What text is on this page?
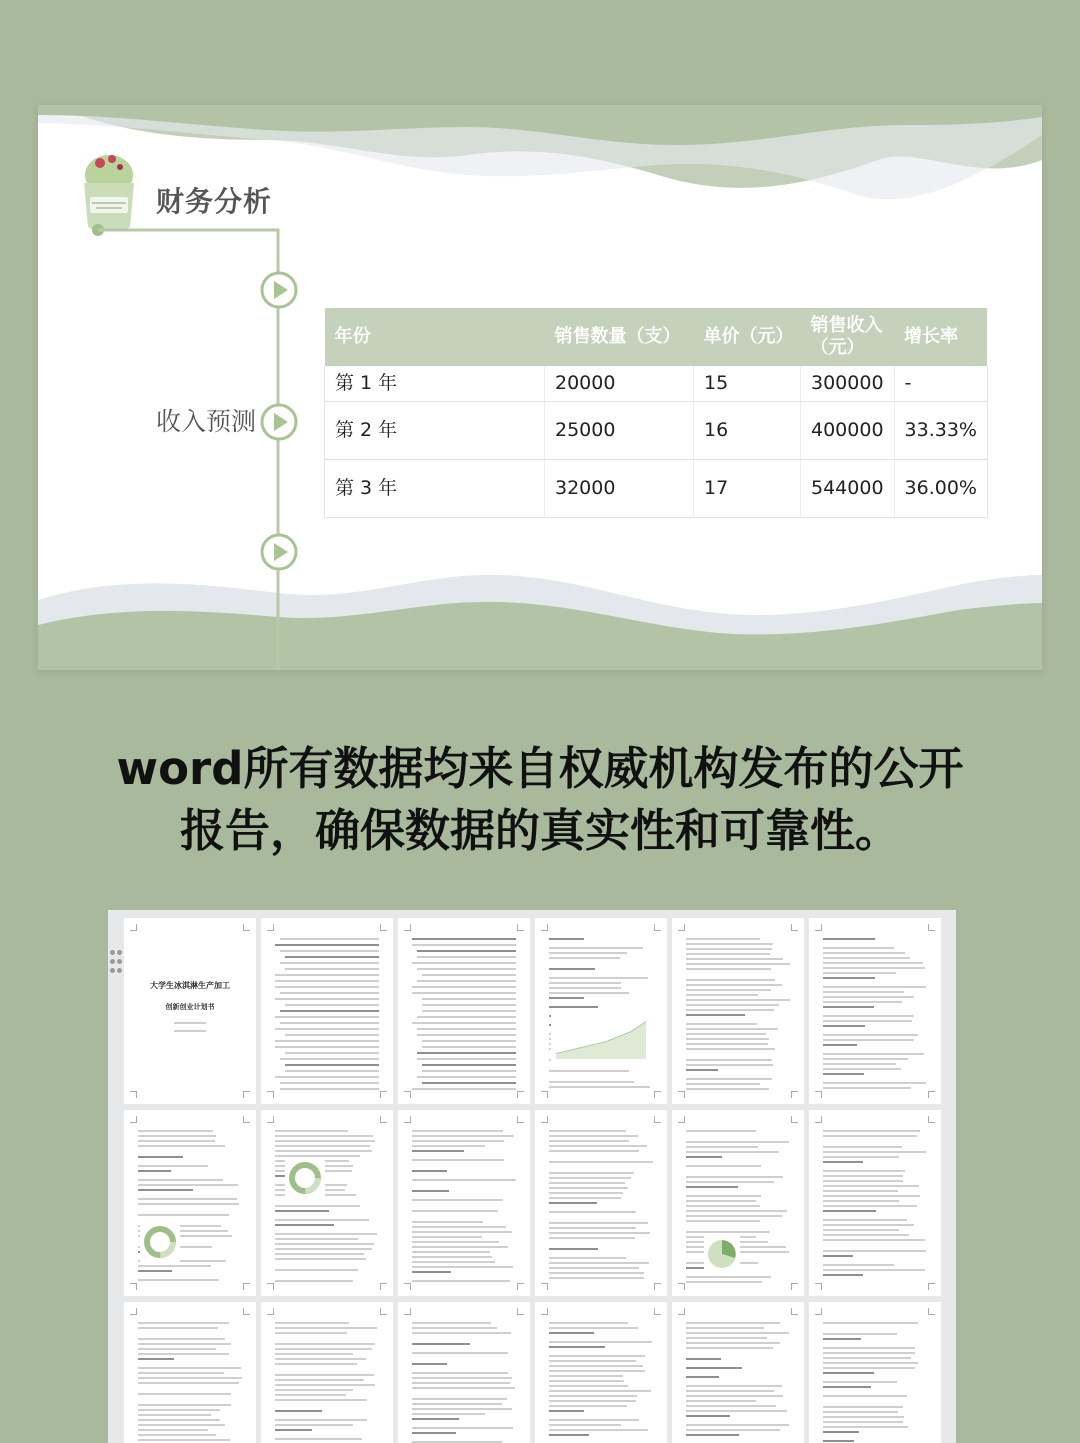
财务分析
收入预测
年份	销售数量（支）	单价（元）	销售收入（元）	增长率
第 1 年	20000	15	300000	-
第 2 年	25000	16	400000	33.33%
第 3 年	32000	17	544000	36.00%
word所有数据均来自权威机构发布的公开
报告，确保数据的真实性和可靠性。
大学生冰淇淋生产加工
创新创业计划书
